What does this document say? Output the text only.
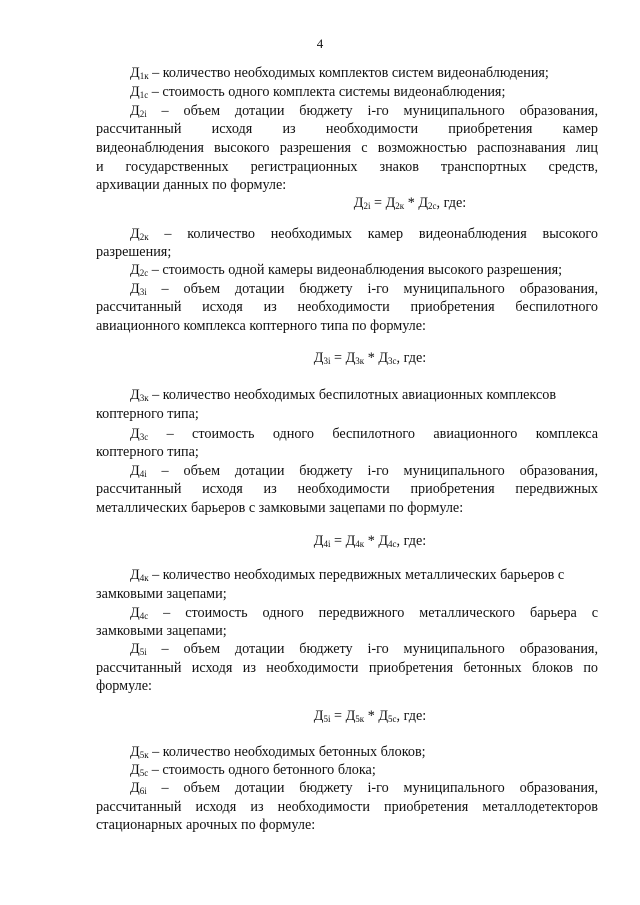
4
$Д_{1к}$ – количество необходимых комплектов систем видеонаблюдения;
$Д_{1с}$ – стоимость одного комплекта системы видеонаблюдения;
$Д_{2i}$ – объем дотации бюджету i-го муниципального образования,
рассчитанный исходя из необходимости приобретения камер
видеонаблюдения высокого разрешения с возможностью распознавания лиц
и государственных регистрационных знаков транспортных средств,
архивации данных по формуле:
$Д_{2i} = Д_{2к} * Д_{2с}$, где:
$Д_{2к}$ – количество необходимых камер видеонаблюдения высокого
разрешения;
$Д_{2с}$ – стоимость одной камеры видеонаблюдения высокого разрешения;
$Д_{3i}$ – объем дотации бюджету i-го муниципального образования,
рассчитанный исходя из необходимости приобретения беспилотного
авиационного комплекса коптерного типа по формуле:
$Д_{3i} = Д_{3к} * Д_{3с}$, где:
$Д_{3к}$ – количество необходимых беспилотных авиационных комплексов
коптерного типа;
$Д_{3с}$ – стоимость одного беспилотного авиационного комплекса
коптерного типа;
$Д_{4i}$ – объем дотации бюджету i-го муниципального образования,
рассчитанный исходя из необходимости приобретения передвижных
металлических барьеров с замковыми зацепами по формуле:
$Д_{4i} = Д_{4к} * Д_{4с}$, где:
$Д_{4к}$ – количество необходимых передвижных металлических барьеров с
замковыми зацепами;
$Д_{4с}$ – стоимость одного передвижного металлического барьера с
замковыми зацепами;
$Д_{5i}$ – объем дотации бюджету i-го муниципального образования,
рассчитанный исходя из необходимости приобретения бетонных блоков по
формуле:
$Д_{5i} = Д_{5к} * Д_{5с}$, где:
$Д_{5к}$ – количество необходимых бетонных блоков;
$Д_{5с}$ – стоимость одного бетонного блока;
$Д_{6i}$ – объем дотации бюджету i-го муниципального образования,
рассчитанный исходя из необходимости приобретения металлодетекторов
стационарных арочных по формуле:
